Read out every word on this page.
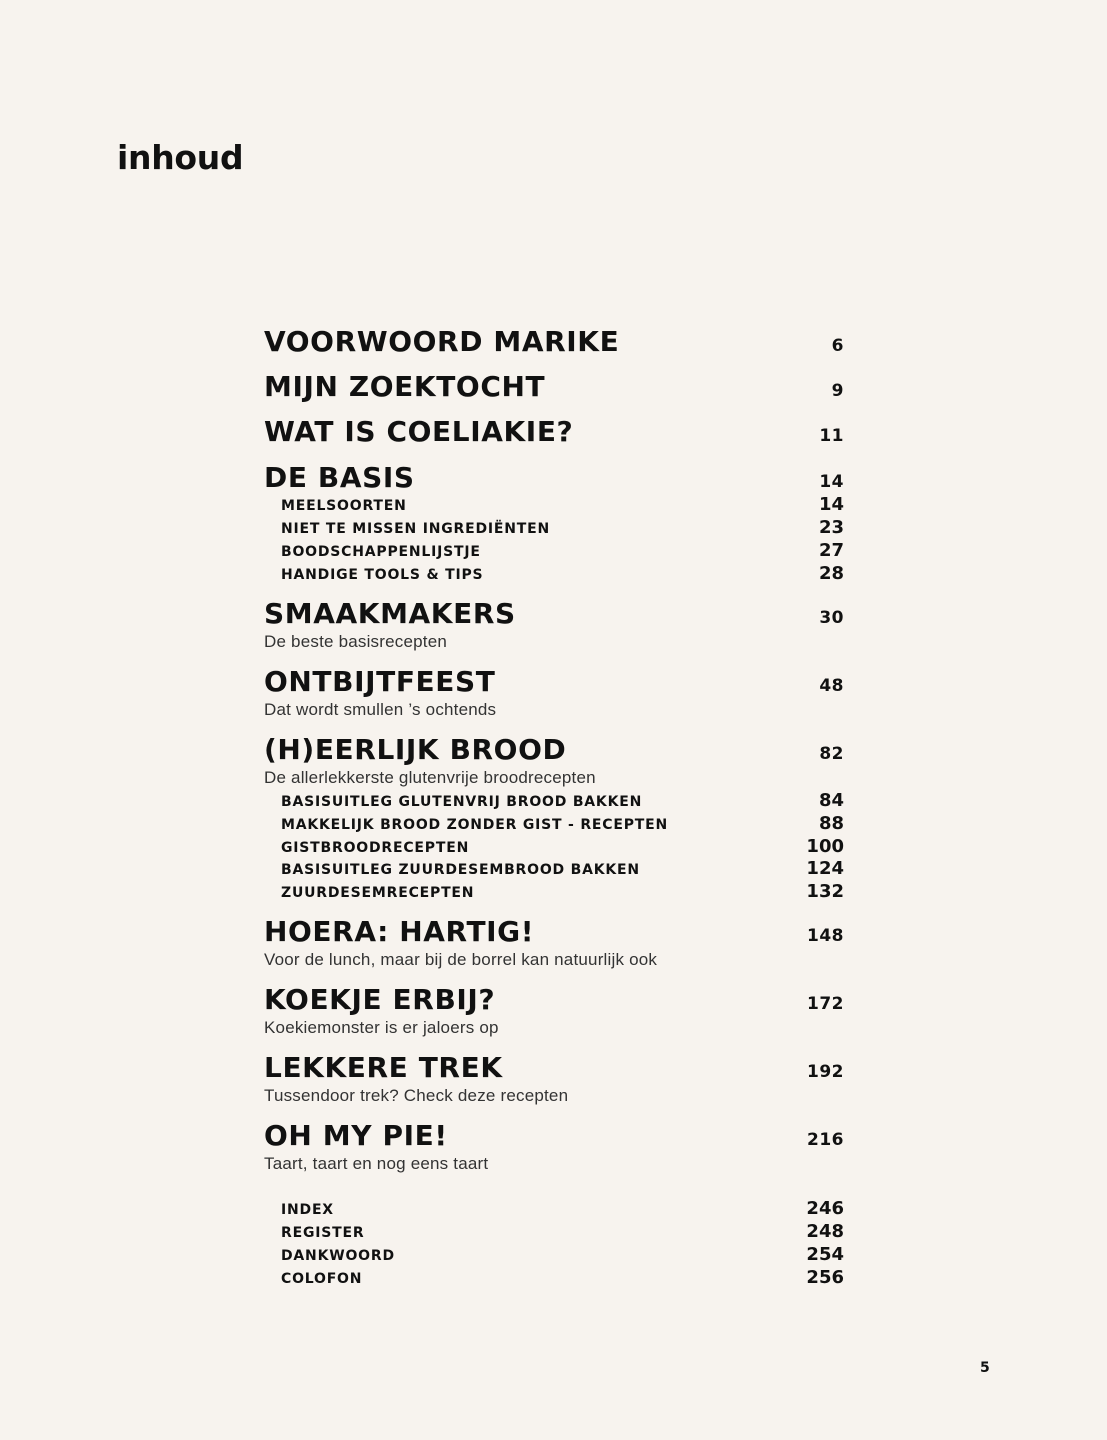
inhoud
VOORWOORD MARIKE	6
MIJN ZOEKTOCHT	9
WAT IS COELIAKIE?	11
DE BASIS	14
MEELSOORTEN	14
NIET TE MISSEN INGREDIËNTEN	23
BOODSCHAPPENLIJSTJE	27
HANDIGE TOOLS & TIPS	28
SMAAKMAKERS	30
De beste basisrecepten
ONTBIJTFEEST	48
Dat wordt smullen ’s ochtends
(H)EERLIJK BROOD	82
De allerlekkerste glutenvrije broodrecepten
BASISUITLEG GLUTENVRIJ BROOD BAKKEN	84
MAKKELIJK BROOD ZONDER GIST - RECEPTEN	88
GISTBROODRECEPTEN	100
BASISUITLEG ZUURDESEMBROOD BAKKEN	124
ZUURDESEMRECEPTEN	132
HOERA: HARTIG!	148
Voor de lunch, maar bij de borrel kan natuurlijk ook
KOEKJE ERBIJ?	172
Koekiemonster is er jaloers op
LEKKERE TREK	192
Tussendoor trek? Check deze recepten
OH MY PIE!	216
Taart, taart en nog eens taart
INDEX	246
REGISTER	248
DANKWOORD	254
COLOFON	256
5
